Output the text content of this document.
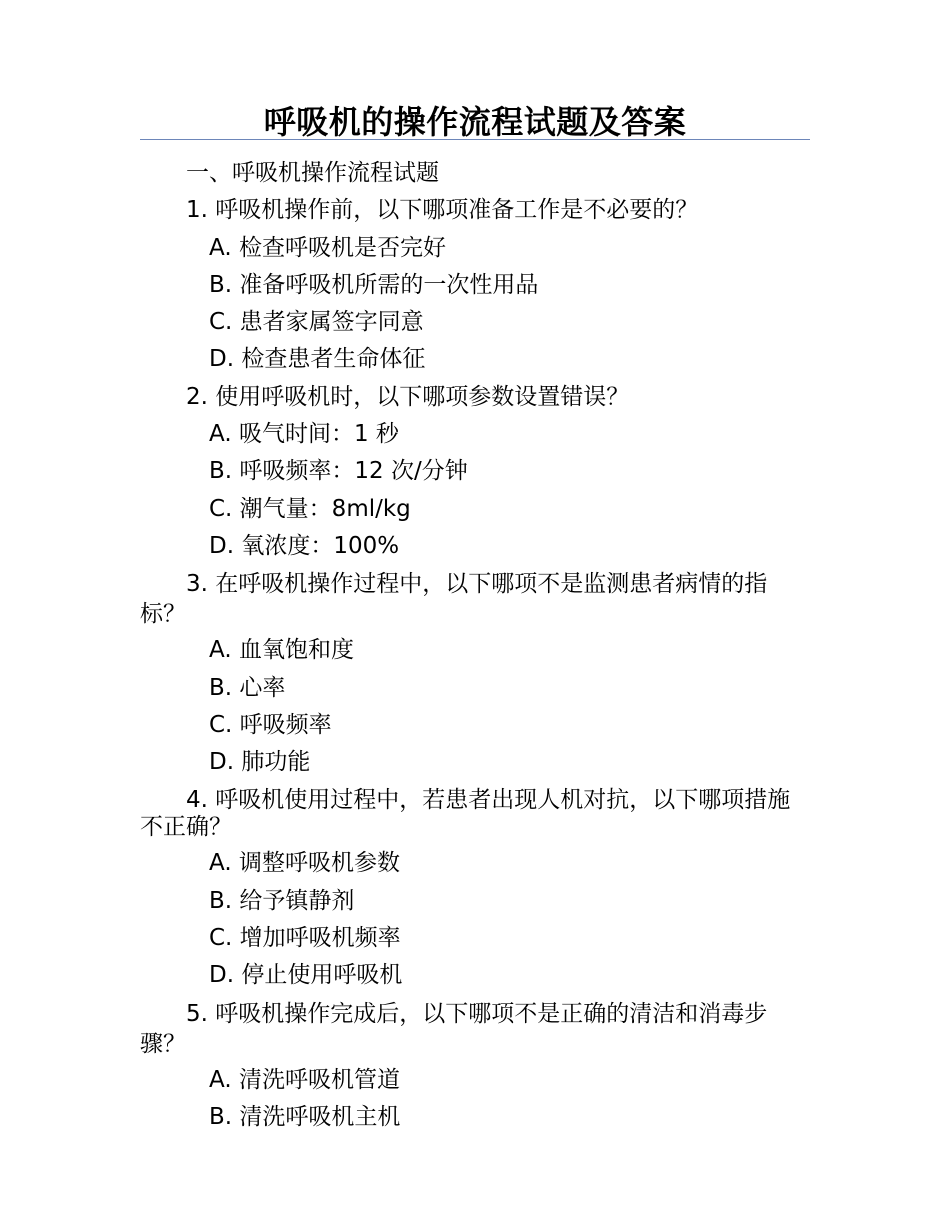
呼吸机的操作流程试题及答案
一、呼吸机操作流程试题
1. 呼吸机操作前，以下哪项准备工作是不必要的？
A. 检查呼吸机是否完好
B. 准备呼吸机所需的一次性用品
C. 患者家属签字同意
D. 检查患者生命体征
2. 使用呼吸机时，以下哪项参数设置错误？
A. 吸气时间：1 秒
B. 呼吸频率：12 次/分钟
C. 潮气量：8ml/kg
D. 氧浓度：100%
3. 在呼吸机操作过程中，以下哪项不是监测患者病情的指标？
A. 血氧饱和度
B. 心率
C. 呼吸频率
D. 肺功能
4. 呼吸机使用过程中，若患者出现人机对抗，以下哪项措施不正确？
A. 调整呼吸机参数
B. 给予镇静剂
C. 增加呼吸机频率
D. 停止使用呼吸机
5. 呼吸机操作完成后，以下哪项不是正确的清洁和消毒步骤？
A. 清洗呼吸机管道
B. 清洗呼吸机主机
